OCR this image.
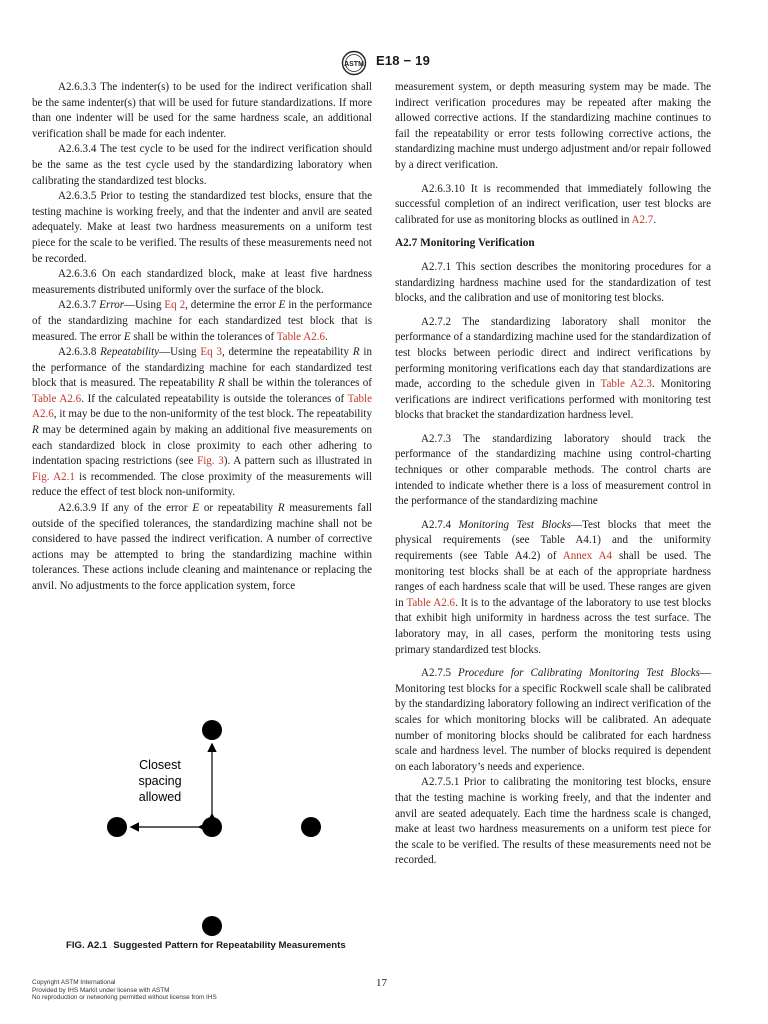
ASTM E18 − 19

A2.6.3.3 The indenter(s) to be used for the indirect verification shall be the same indenter(s) that will be used for future standardizations. If more than one indenter will be used for the same hardness scale, an additional verification shall be made for each indenter.

A2.6.3.4 The test cycle to be used for the indirect verification should be the same as the test cycle used by the standardizing laboratory when calibrating the standardized test blocks.

A2.6.3.5 Prior to testing the standardized test blocks, ensure that the testing machine is working freely, and that the indenter and anvil are seated adequately. Make at least two hardness measurements on a uniform test piece for the scale to be verified. The results of these measurements need not be recorded.

A2.6.3.6 On each standardized block, make at least five hardness measurements distributed uniformly over the surface of the block.

A2.6.3.7 Error—Using Eq 2, determine the error E in the performance of the standardizing machine for each standardized test block that is measured. The error E shall be within the tolerances of Table A2.6.

A2.6.3.8 Repeatability—Using Eq 3, determine the repeatability R in the performance of the standardizing machine for each standardized test block that is measured. The repeatability R shall be within the tolerances of Table A2.6. If the calculated repeatability is outside the tolerances of Table A2.6, it may be due to the non-uniformity of the test block. The repeatability R may be determined again by making an additional five measurements on each standardized block in close proximity to each other adhering to indentation spacing restrictions (see Fig. 3). A pattern such as illustrated in Fig. A2.1 is recommended. The close proximity of the measurements will reduce the effect of test block non-uniformity.

A2.6.3.9 If any of the error E or repeatability R measurements fall outside of the specified tolerances, the standardizing machine shall not be considered to have passed the indirect verification. A number of corrective actions may be attempted to bring the standardizing machine within tolerances. These actions include cleaning and maintenance or replacing the anvil. No adjustments to the force application system, force

Closest
spacing
allowed
FIG. A2.1 Suggested Pattern for Repeatability Measurements

measurement system, or depth measuring system may be made. The indirect verification procedures may be repeated after making the allowed corrective actions. If the standardizing machine continues to fail the repeatability or error tests following corrective actions, the standardizing machine must undergo adjustment and/or repair followed by a direct verification.

A2.6.3.10 It is recommended that immediately following the successful completion of an indirect verification, user test blocks are calibrated for use as monitoring blocks as outlined in A2.7.

A2.7 Monitoring Verification

A2.7.1 This section describes the monitoring procedures for a standardizing hardness machine used for the standardization of test blocks, and the calibration and use of monitoring test blocks.

A2.7.2 The standardizing laboratory shall monitor the performance of a standardizing machine used for the standardization of test blocks between periodic direct and indirect verifications by performing monitoring verifications each day that standardizations are made, according to the schedule given in Table A2.3. Monitoring verifications are indirect verifications performed with monitoring test blocks that bracket the standardization hardness level.

A2.7.3 The standardizing laboratory should track the performance of the standardizing machine using control-charting techniques or other comparable methods. The control charts are intended to indicate whether there is a loss of measurement control in the performance of the standardizing machine

A2.7.4 Monitoring Test Blocks—Test blocks that meet the physical requirements (see Table A4.1) and the uniformity requirements (see Table A4.2) of Annex A4 shall be used. The monitoring test blocks shall be at each of the appropriate hardness ranges of each hardness scale that will be used. These ranges are given in Table A2.6. It is to the advantage of the laboratory to use test blocks that exhibit high uniformity in hardness across the test surface. The laboratory may, in all cases, perform the monitoring tests using primary standardized test blocks.

A2.7.5 Procedure for Calibrating Monitoring Test Blocks—Monitoring test blocks for a specific Rockwell scale shall be calibrated by the standardizing laboratory following an indirect verification of the scales for which monitoring blocks will be calibrated. An adequate number of monitoring blocks should be calibrated for each hardness scale and hardness level. The number of blocks required is dependent on each laboratory’s needs and experience.

A2.7.5.1 Prior to calibrating the monitoring test blocks, ensure that the testing machine is working freely, and that the indenter and anvil are seated adequately. Each time the hardness scale is changed, make at least two hardness measurements on a uniform test piece for the scale to be verified. The results of these measurements need not be recorded.

Copyright ASTM International
Provided by IHS Markit under license with ASTM
No reproduction or networking permitted without license from IHS
17
